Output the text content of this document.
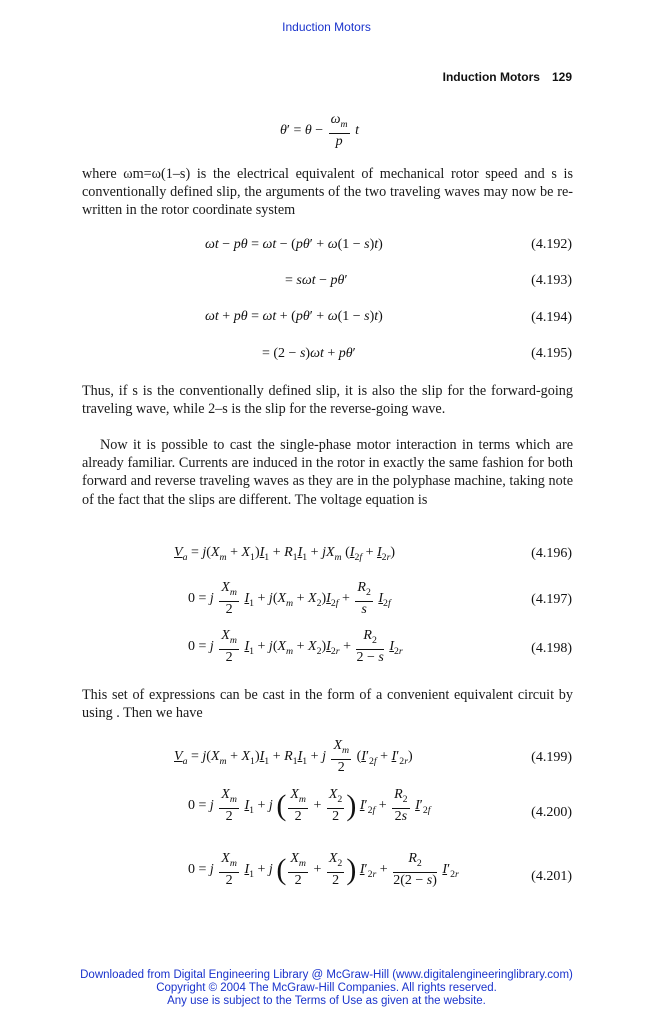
Induction Motors
Induction Motors 129
$\theta' = \theta - \frac{\omega_m}{p}$ t
where ωm=ω(1–s) is the electrical equivalent of mechanical rotor speed and s is conventionally defined slip, the arguments of the two traveling waves may now be re-written in the rotor coordinate system
ωt − pθ = ωt − (pθ′ + ω(1 − s)t)	(4.192)
= sωt − pθ′	(4.193)
ωt + pθ = ωt + (pθ′ + ω(1 − s)t)	(4.194)
= (2 − s)ωt + pθ′	(4.195)
Thus, if s is the conventionally defined slip, it is also the slip for the forward-going traveling wave, while 2–s is the slip for the reverse-going wave.
Now it is possible to cast the single-phase motor interaction in terms which are already familiar. Currents are induced in the rotor in exactly the same fashion for both forward and reverse traveling waves as they are in the polyphase machine, taking note of the fact that the slips are different. The voltage equation is
$V_a = j(X_m + X_1)I_1 + R_1I_1 + jX_m$ $(I_{2f} + I_{2r})$	(4.196)
0 = j $\frac{X_m}{2} I_1 + j(X_m + X_2)I_{2f} + \frac{R_2}{s} I_{2f}$	(4.197)
0 = j $\frac{X_m}{2} I_1 + j(X_m + X_2)I_{2r} + \frac{R_2}{2 - s} I_{2r}$	(4.198)
This set of expressions can be cast in the form of a convenient equivalent circuit by using . Then we have
$V_a = j(X_m + X_1)I_1 + R_1I_1 + j \frac{X_m}{2} (I'_{2f} + I'_{2r})$	(4.199)
0 = j $\frac{X_m}{2} I_1 + j$ ( $\frac{X_m}{2} + \frac{X_2}{2}$ ) $I'_{2f} + \frac{R_2}{2s} I'_{2f}$	(4.200)
0 = j $\frac{X_m}{2} I_1 + j$ ( $\frac{X_m}{2} + \frac{X_2}{2}$ ) $I'_{2r} + \frac{R_2}{2(2 - s)} I'_{2r}$	(4.201)
Downloaded from Digital Engineering Library @ McGraw-Hill (www.digitalengineeringlibrary.com)
Copyright © 2004 The McGraw-Hill Companies. All rights reserved.
Any use is subject to the Terms of Use as given at the website.
